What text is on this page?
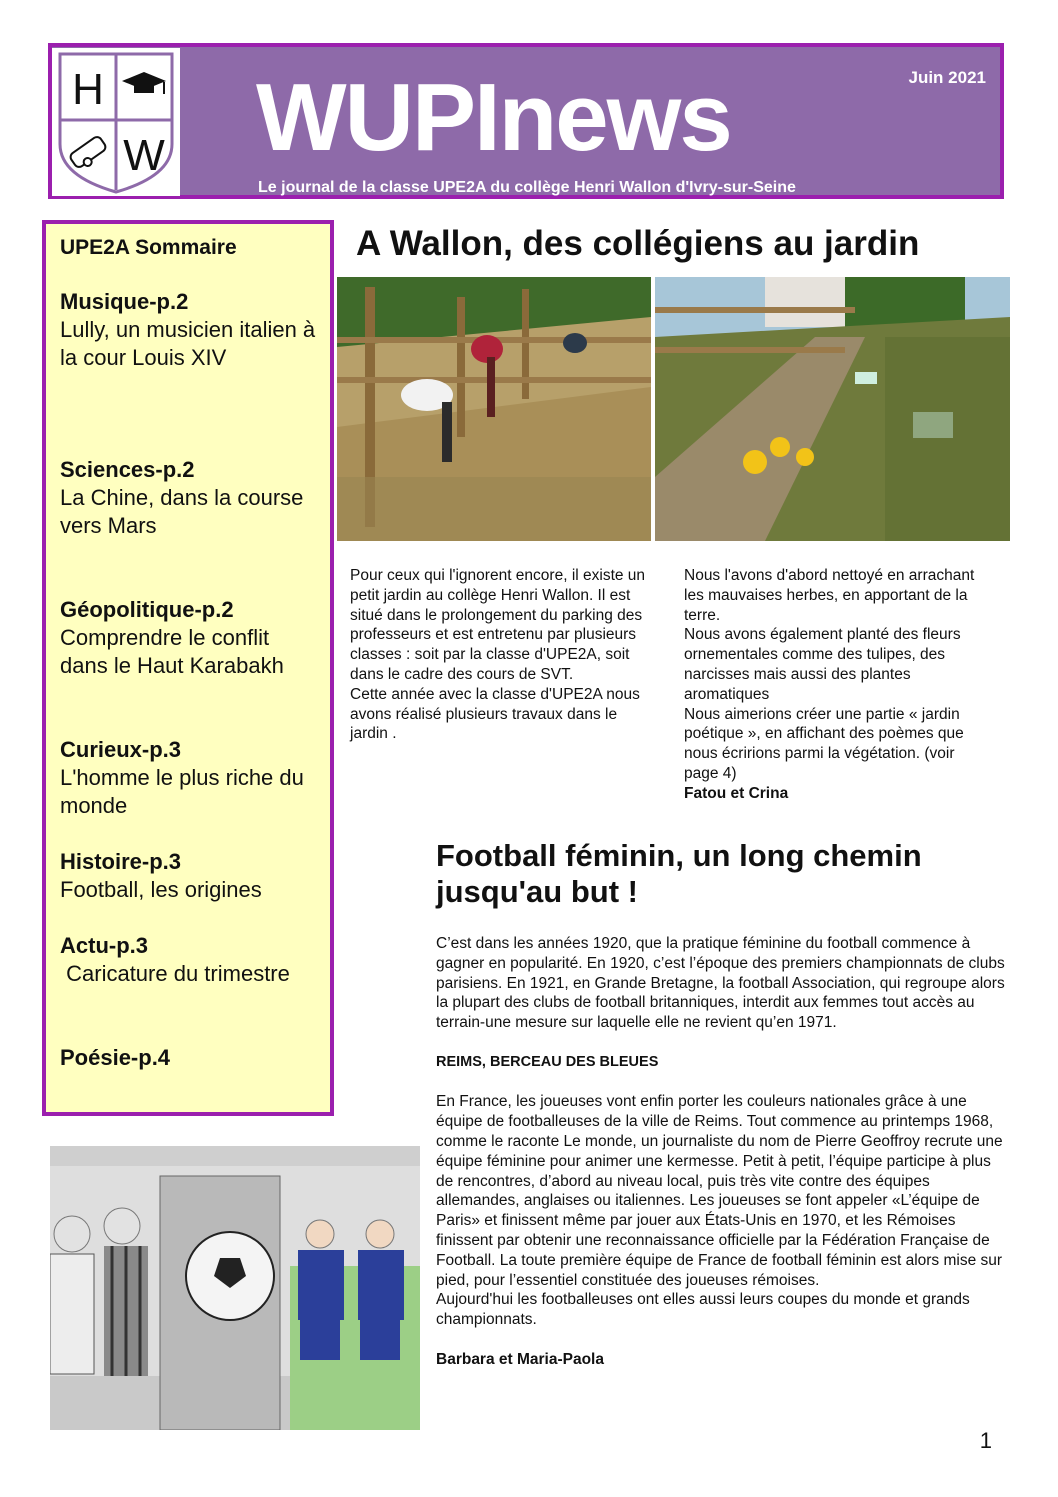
H
W
Juin 2021
WUPInews
Le journal de la classe UPE2A du collège Henri Wallon d'Ivry-sur-Seine
UPE2A Sommaire
Musique-p.2
Lully, un musicien italien à la cour Louis XIV
Sciences-p.2
La Chine, dans la course vers Mars
Géopolitique-p.2
Comprendre le conflit dans le Haut Karabakh
Curieux-p.3
L'homme le plus riche du monde
Histoire-p.3
Football, les origines
Actu-p.3
Caricature du trimestre
Poésie-p.4
A Wallon, des collégiens au jardin
Pour ceux qui l'ignorent encore, il existe un petit jardin au collège Henri Wallon. Il est situé dans le prolongement du parking des professeurs et est entretenu par plusieurs classes : soit par la classe d'UPE2A, soit dans le cadre des cours de SVT.
Cette année avec la classe d'UPE2A nous avons réalisé plusieurs travaux dans le jardin .
Nous l'avons d'abord nettoyé en arrachant les mauvaises herbes, en apportant de la terre.
Nous avons également planté des fleurs ornementales comme des tulipes, des narcisses mais aussi des plantes aromatiques
Nous aimerions créer une partie « jardin poétique », en affichant des poèmes que nous écririons parmi la végétation. (voir page 4)
Fatou et Crina
Football féminin, un long chemin jusqu'au but !

C’est dans les années 1920, que la pratique féminine du football commence à gagner en popularité. En 1920, c’est l’époque des premiers championnats de clubs parisiens. En 1921, en Grande Bretagne, la football Association, qui regroupe alors la plupart des clubs de football britanniques, interdit aux femmes tout accès au terrain-une mesure sur laquelle elle ne revient qu’en 1971.

REIMS, BERCEAU DES BLEUES

En France, les joueuses vont enfin porter les couleurs nationales grâce à une équipe de footballeuses de la ville de Reims. Tout commence au printemps 1968, comme le raconte Le monde, un journaliste du nom de Pierre Geoffroy recrute une équipe féminine pour animer une kermesse. Petit à petit, l’équipe participe à plus de rencontres, d’abord au niveau local, puis très vite contre des équipes allemandes, anglaises ou italiennes. Les joueuses se font appeler «L’équipe de Paris» et finissent même par jouer aux États-Unis en 1970, et les Rémoises finissent par obtenir une reconnaissance officielle par la Fédération Française de Football. La toute première équipe de France de football féminin est alors mise sur pied, pour l’essentiel constituée des joueuses rémoises.

Aujourd'hui les footballeuses ont elles aussi leurs coupes du monde et grands championnats.

Barbara et Maria-Paola

1
